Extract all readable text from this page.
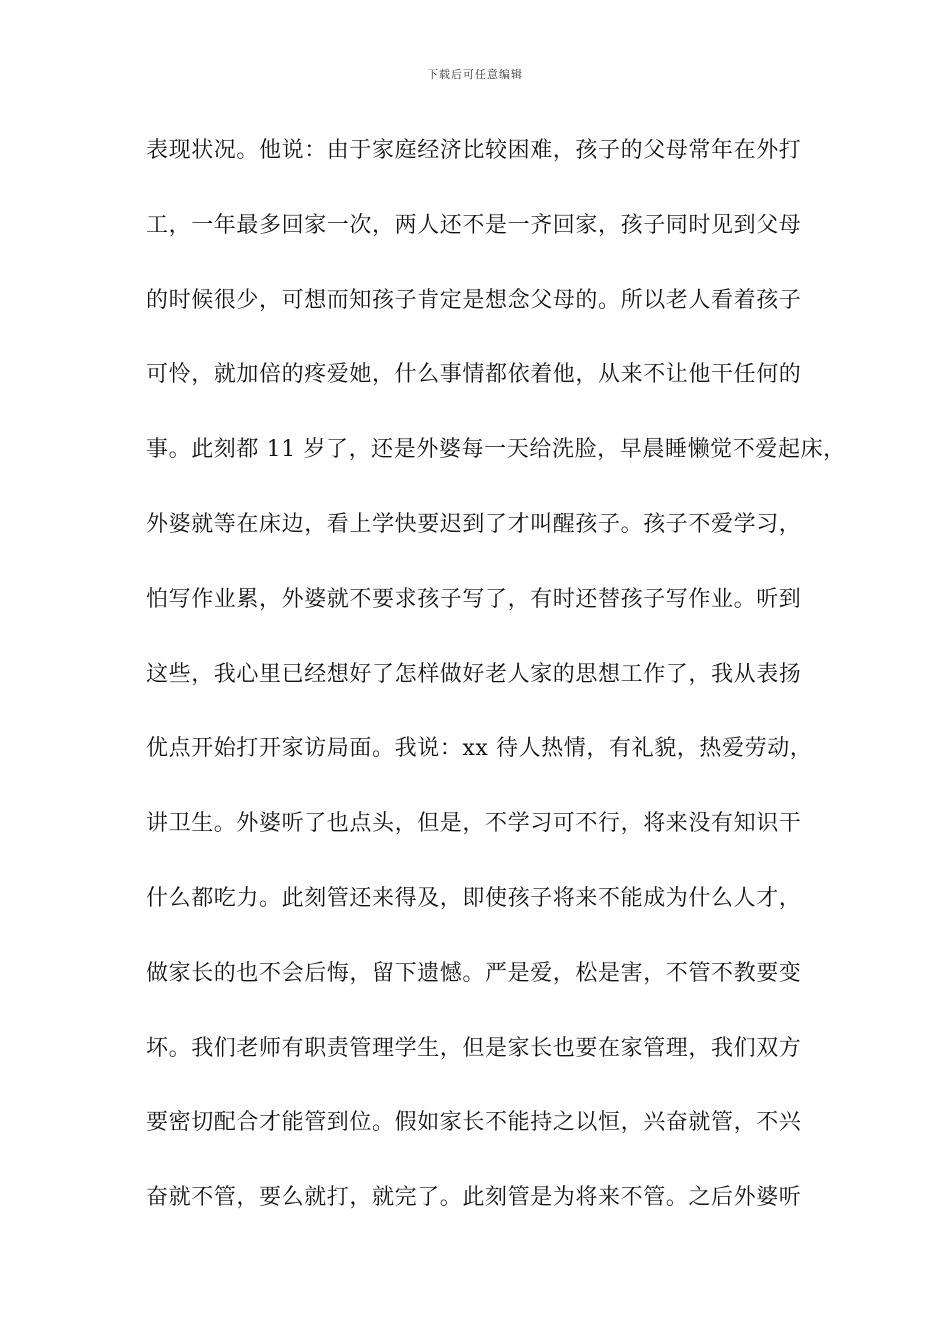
下载后可任意编辑
表现状况。他说：由于家庭经济比较困难，孩子的父母常年在外打
工，一年最多回家一次，两人还不是一齐回家，孩子同时见到父母
的时候很少，可想而知孩子肯定是想念父母的。所以老人看着孩子
可怜，就加倍的疼爱她，什么事情都依着他，从来不让他干任何的
事。此刻都 11 岁了，还是外婆每一天给洗脸，早晨睡懒觉不爱起床，
外婆就等在床边，看上学快要迟到了才叫醒孩子。孩子不爱学习，
怕写作业累，外婆就不要求孩子写了，有时还替孩子写作业。听到
这些，我心里已经想好了怎样做好老人家的思想工作了，我从表扬
优点开始打开家访局面。我说：xx 待人热情，有礼貌，热爱劳动，
讲卫生。外婆听了也点头，但是，不学习可不行，将来没有知识干
什么都吃力。此刻管还来得及，即使孩子将来不能成为什么人才，
做家长的也不会后悔，留下遗憾。严是爱，松是害，不管不教要变
坏。我们老师有职责管理学生，但是家长也要在家管理，我们双方
要密切配合才能管到位。假如家长不能持之以恒，兴奋就管，不兴
奋就不管，要么就打，就完了。此刻管是为将来不管。之后外婆听
